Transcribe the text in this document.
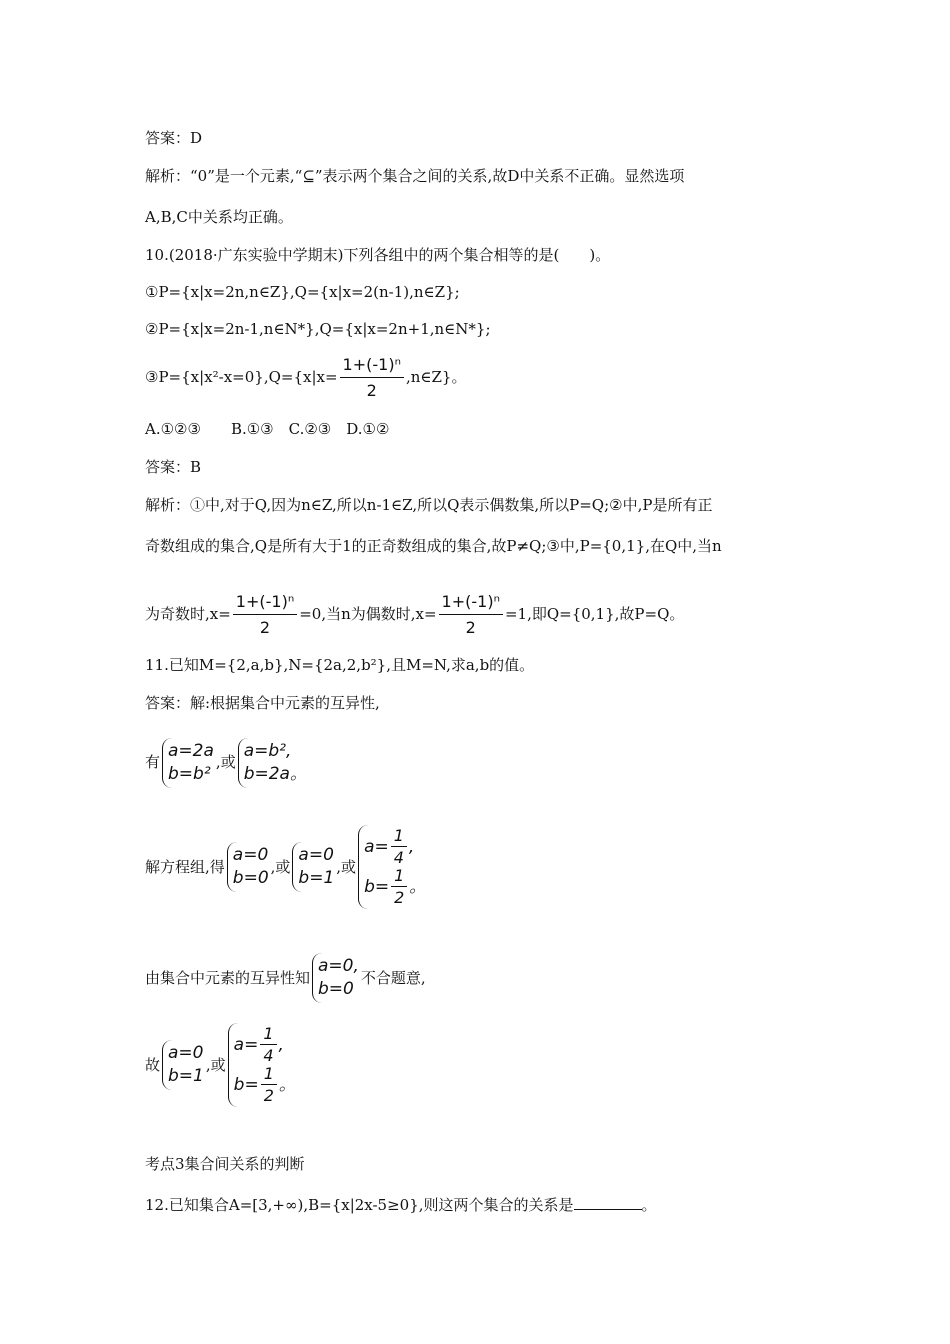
答案：D
解析：“0”是一个元素,“⊆”表示两个集合之间的关系,故D中关系不正确。显然选项
A,B,C中关系均正确。
10.(2018·广东实验中学期末)下列各组中的两个集合相等的是(　　)。
①P={x|x=2n,n∈Z},Q={x|x=2(n-1),n∈Z};
②P={x|x=2n-1,n∈N*},Q={x|x=2n+1,n∈N*};
③P={x|x²-x=0},Q={x|x= $\frac{\text{1+(-1)ⁿ}}{2}$ ,n∈Z}。
A.①②③　　B.①③　C.②③　D.①②
答案：B
解析：①中,对于Q,因为n∈Z,所以n-1∈Z,所以Q表示偶数集,所以P=Q;②中,P是所有正
奇数组成的集合,Q是所有大于1的正奇数组成的集合,故P≠Q;③中,P={0,1},在Q中,当n
为奇数时$,x= \frac{\text{1+(-1)ⁿ}}{2} =0$,当n为偶数时$,x= \frac{\text{1+(-1)ⁿ}}{2} =1$,即Q={0,1},故P=Q。
11.已知M={2,a,b},N={2a,2,b²},且M=N,求a,b的值。
答案：解:根据集合中元素的互异性,
有
a=2a
b=b²
,或
a=b²,
b=2a。
解方程组,得
a=0
b=0
,或
a=0
b=1
,或
$a= \frac{1}{4}$ ,
$b= \frac{1}{2}$ 。
由集合中元素的互异性知
a=0,
b=0
不合题意,
故
a=0
b=1
,或
$a= \frac{1}{4}$ ,
$b= \frac{1}{2}$ 。
考点3集合间关系的判断
12.已知集合A=[3,+∞),B={x|2x-5≥0},则这两个集合的关系是	。
